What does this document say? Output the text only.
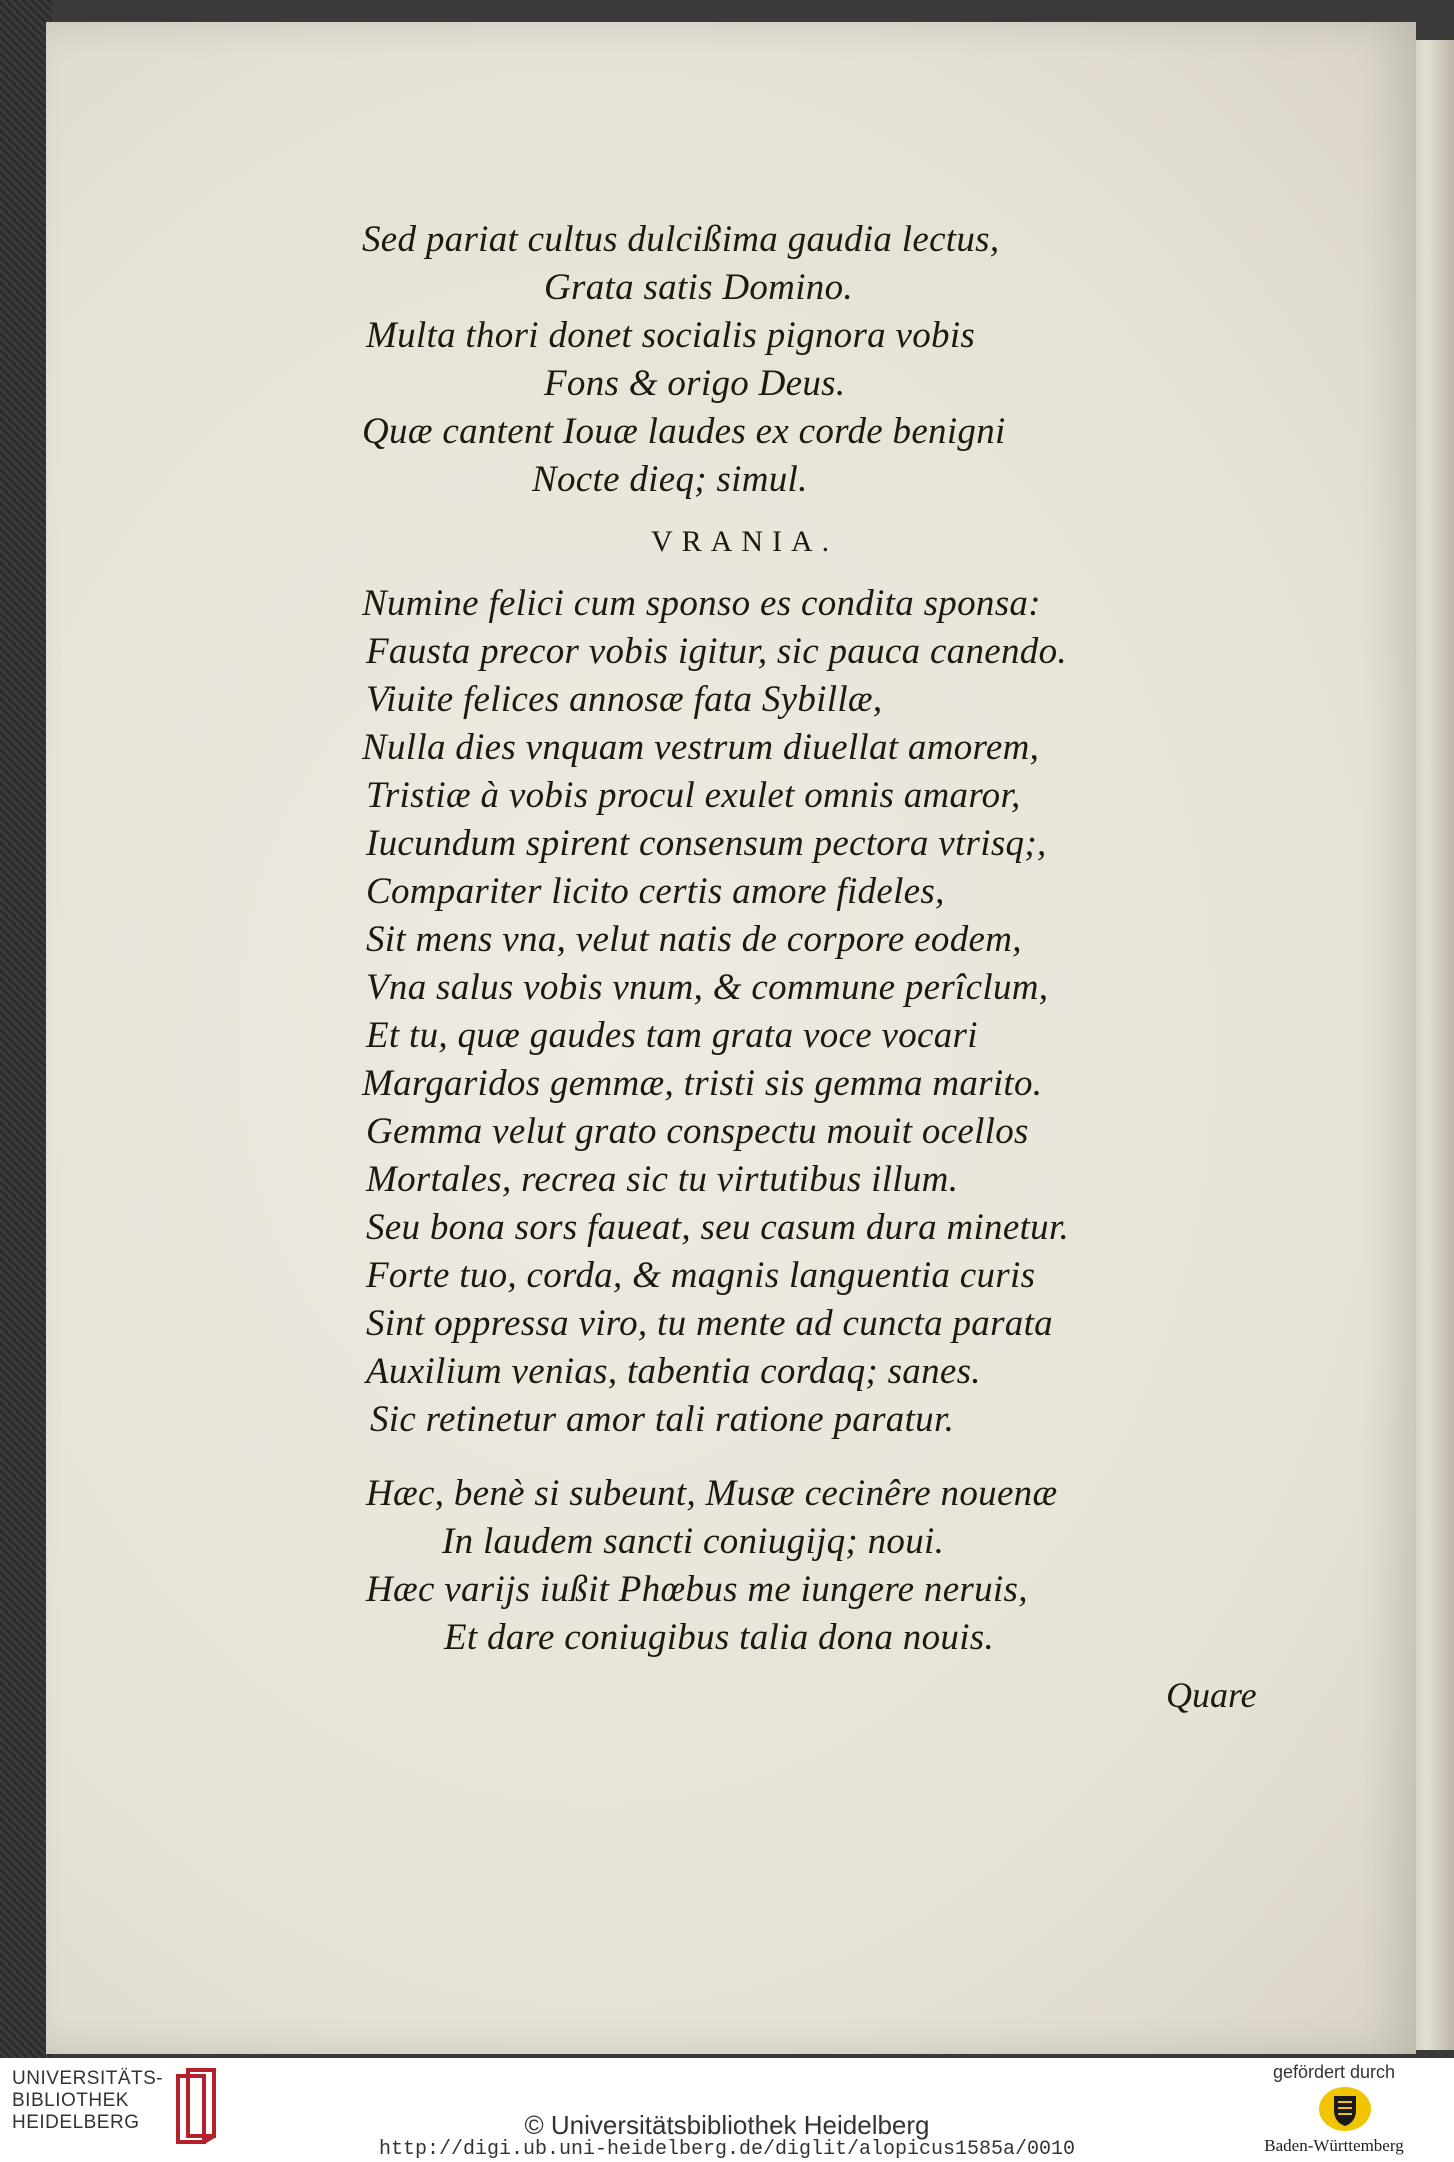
Sed pariat cultus dulcißima gaudia lectus,
Grata satis Domino.
Multa thori donet socialis pignora vobis
Fons & origo Deus.
Quæ cantent Iouæ laudes ex corde benigni
Nocte dieq; simul.
VRANIA.
Numine felici cum sponso es condita sponsa:
Fausta precor vobis igitur, sic pauca canendo.
Viuite felices annosæ fata Sybillæ,
Nulla dies vnquam vestrum diuellat amorem,
Tristiæ à vobis procul exulet omnis amaror,
Iucundum spirent consensum pectora vtrisq;,
Compariter licito certis amore fideles,
Sit mens vna, velut natis de corpore eodem,
Vna salus vobis vnum, & commune perîclum,
Et tu, quæ gaudes tam grata voce vocari
Margaridos gemmæ, tristi sis gemma marito.
Gemma velut grato conspectu mouit ocellos
Mortales, recrea sic tu virtutibus illum.
Seu bona sors faueat, seu casum dura minetur.
Forte tuo, corda, & magnis languentia curis
Sint oppressa viro, tu mente ad cuncta parata
Auxilium venias, tabentia cordaq; sanes.
Sic retinetur amor tali ratione paratur.
Hæc, benè si subeunt, Musæ cecinêre nouenæ
In laudem sancti coniugijq; noui.
Hæc varijs iußit Phœbus me iungere neruis,
Et dare coniugibus talia dona nouis.
Quare
UNIVERSITÄTS-
BIBLIOTHEK
HEIDELBERG	© Universitätsbibliothek Heidelberg
http://digi.ub.uni-heidelberg.de/diglit/alopicus1585a/0010
gefördert durch
Baden-Württemberg
